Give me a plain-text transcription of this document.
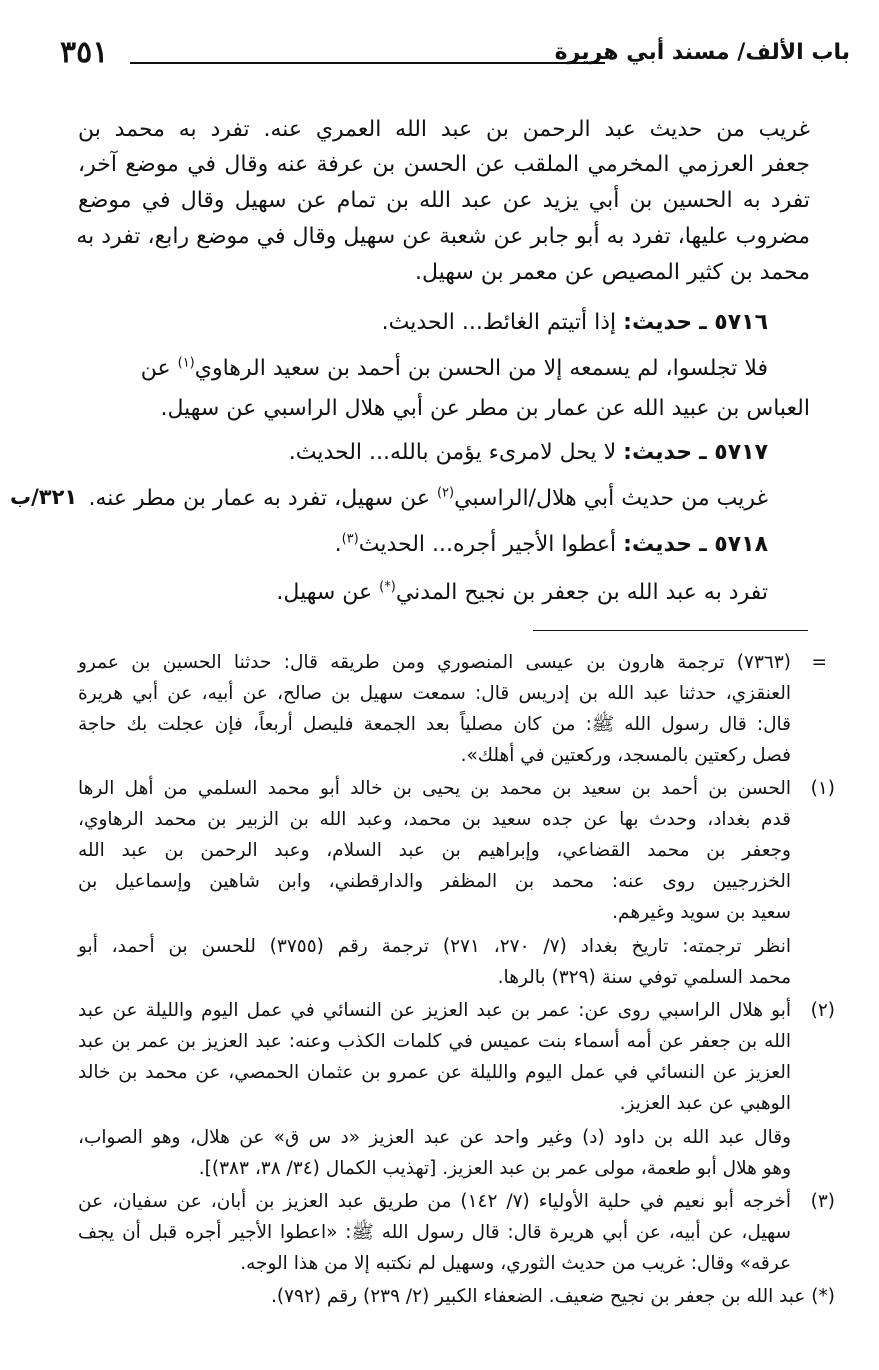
٣٥١	باب الألف/ مسند أبي هريرة
غريب من حديث عبد الرحمن بن عبد الله العمري عنه. تفرد به محمد بن
جعفر العرزمي المخرمي الملقب عن الحسن بن عرفة عنه وقال في موضع آخر،
تفرد به الحسين بن أبي يزيد عن عبد الله بن تمام عن سهيل وقال في موضع
مضروب عليها، تفرد به أبو جابر عن شعبة عن سهيل وقال في موضع رابع، تفرد به
محمد بن كثير المصيص عن معمر بن سهيل.
٥٧١٦ ـ حديث: إذا أتيتم الغائط... الحديث.
فلا تجلسوا، لم يسمعه إلا من الحسن بن أحمد بن سعيد الرهاوي$^{(١)}$ عن
العباس بن عبيد الله عن عمار بن مطر عن أبي هلال الراسبي عن سهيل.
٥٧١٧ ـ حديث: لا يحل لامرىء يؤمن بالله... الحديث.
غريب من حديث أبي هلال/الراسبي$^{(٢)}$ عن سهيل، تفرد به عمار بن مطر عنه.
٥٧١٨ ـ حديث: أعطوا الأجير أجره... الحديث$^{(٣)}$.
تفرد به عبد الله بن جعفر بن نجيح المدني(*) عن سهيل.
٣٢١/ب
=
(٧٣٦٣) ترجمة هارون بن عيسى المنصوري ومن طريقه قال: حدثنا الحسين بن عمرو
العنقزي، حدثنا عبد الله بن إدريس قال: سمعت سهيل بن صالح، عن أبيه، عن أبي هريرة
قال: قال رسول الله ﷺ: من كان مصلياً بعد الجمعة فليصل أربعاً، فإن عجلت بك حاجة
فصل ركعتين بالمسجد، وركعتين في أهلك».
(١)
الحسن بن أحمد بن سعيد بن محمد بن يحيى بن خالد أبو محمد السلمي من أهل الرها
قدم بغداد، وحدث بها عن جده سعيد بن محمد، وعبد الله بن الزبير بن محمد الرهاوي،
وجعفر بن محمد القضاعي، وإبراهيم بن عبد السلام، وعبد الرحمن بن عبد الله
الخزرجيين روى عنه: محمد بن المظفر والدارقطني، وابن شاهين وإسماعيل بن
سعيد بن سويد وغيرهم.
انظر ترجمته: تاريخ بغداد (٧/ ٢٧٠، ٢٧١) ترجمة رقم (٣٧٥٥) للحسن بن أحمد، أبو
محمد السلمي توفي سنة (٣٢٩) بالرها.
(٢)
أبو هلال الراسبي روى عن: عمر بن عبد العزيز عن النسائي في عمل اليوم والليلة عن عبد
الله بن جعفر عن أمه أسماء بنت عميس في كلمات الكذب وعنه: عبد العزيز بن عمر بن عبد
العزيز عن النسائي في عمل اليوم والليلة عن عمرو بن عثمان الحمصي، عن محمد بن خالد
الوهبي عن عبد العزيز.
وقال عبد الله بن داود (د) وغير واحد عن عبد العزيز «د س ق» عن هلال، وهو الصواب،
وهو هلال أبو طعمة، مولى عمر بن عبد العزيز. [تهذيب الكمال (٣٤/ ٣٨، ٣٨٣)].
(٣)
أخرجه أبو نعيم في حلية الأولياء (٧/ ١٤٢) من طريق عبد العزيز بن أبان، عن سفيان، عن
سهيل، عن أبيه، عن أبي هريرة قال: قال رسول الله ﷺ: «اعطوا الأجير أجره قبل أن يجف
عرقه» وقال: غريب من حديث الثوري، وسهيل لم نكتبه إلا من هذا الوجه.
(*) عبد الله بن جعفر بن نجيح ضعيف. الضعفاء الكبير (٢/ ٢٣٩) رقم (٧٩٢).
